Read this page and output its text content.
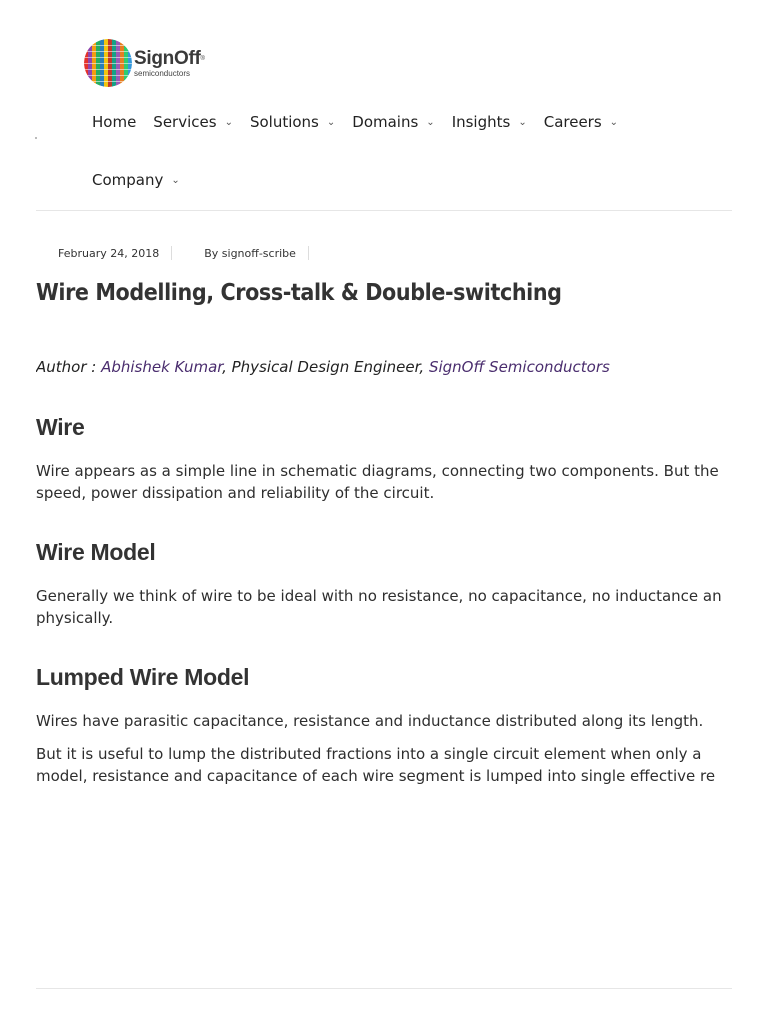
SignOff®
semiconductors
Home Services ⌄ Solutions ⌄ Domains ⌄ Insights ⌄ Careers ⌄
Company ⌄
February 24, 2018	By signoff-scribe
Wire Modelling, Cross-talk & Double-switching
Author : Abhishek Kumar, Physical Design Engineer, SignOff Semiconductors
Wire

Wire appears as a simple line in schematic diagrams, connecting two components. But the

speed, power dissipation and reliability of the circuit.

Wire Model

Generally we think of wire to be ideal with no resistance, no capacitance, no inductance an

physically.

Lumped Wire Model

Wires have parasitic capacitance, resistance and inductance distributed along its length.

But it is useful to lump the distributed fractions into a single circuit element when only a

model, resistance and capacitance of each wire segment is lumped into single effective re
